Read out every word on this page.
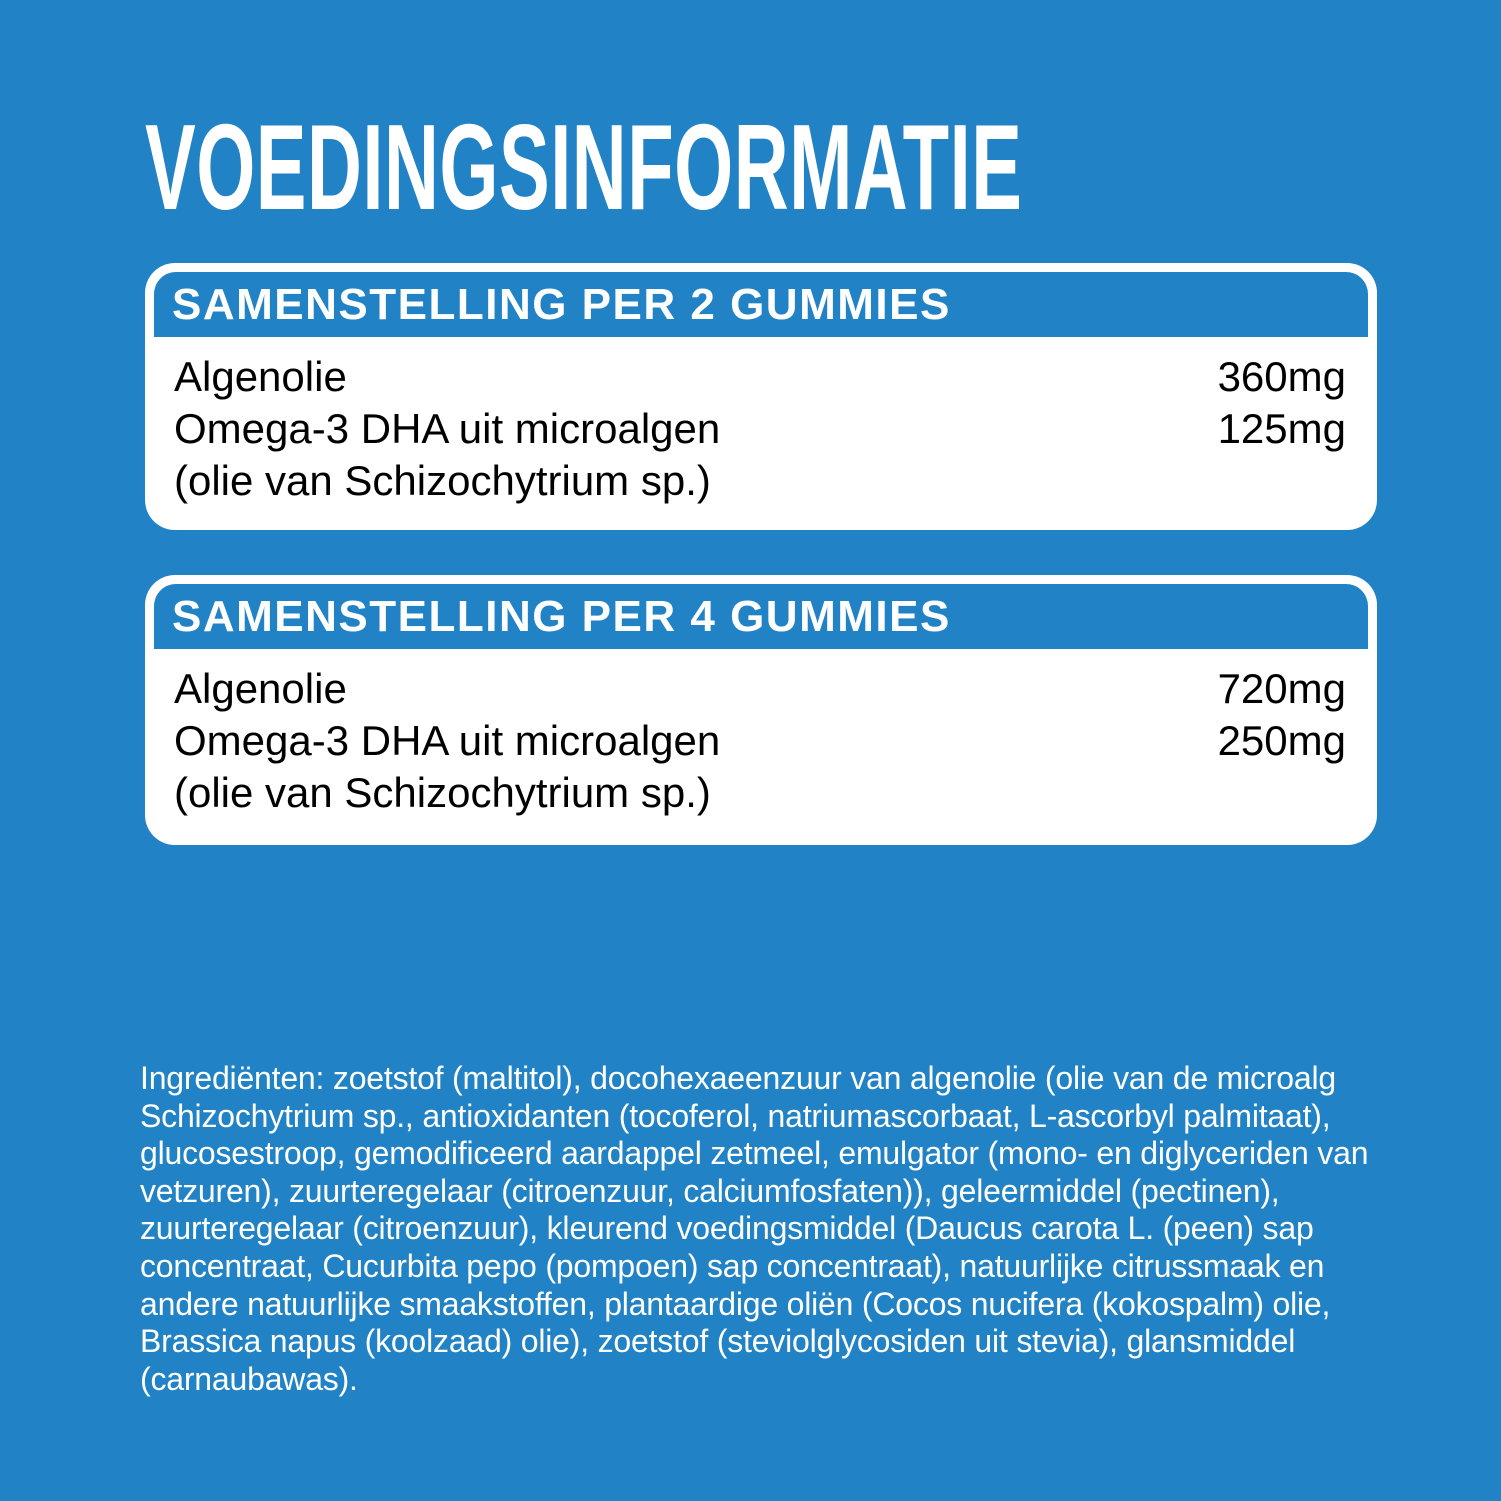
VOEDINGSINFORMATIE
SAMENSTELLING PER 2 GUMMIES
Algenolie	360mg
Omega-3 DHA uit microalgen	125mg
(olie van Schizochytrium sp.)
SAMENSTELLING PER 4 GUMMIES
Algenolie	720mg
Omega-3 DHA uit microalgen	250mg
(olie van Schizochytrium sp.)
Ingrediënten: zoetstof (maltitol), docohexaeenzuur van algenolie (olie van de microalg Schizochytrium sp., antioxidanten (tocoferol, natriumascorbaat, L-ascorbyl palmitaat), glucosestroop, gemodificeerd aardappel zetmeel, emulgator (mono- en diglyceriden van vetzuren), zuurteregelaar (citroenzuur, calciumfosfaten)), geleermiddel (pectinen), zuurteregelaar (citroenzuur), kleurend voedingsmiddel (Daucus carota L. (peen) sap concentraat, Cucurbita pepo (pompoen) sap concentraat), natuurlijke citrussmaak en andere natuurlijke smaakstoffen, plantaardige oliën (Cocos nucifera (kokospalm) olie, Brassica napus (koolzaad) olie), zoetstof (steviolglycosiden uit stevia), glansmiddel (carnaubawas).
